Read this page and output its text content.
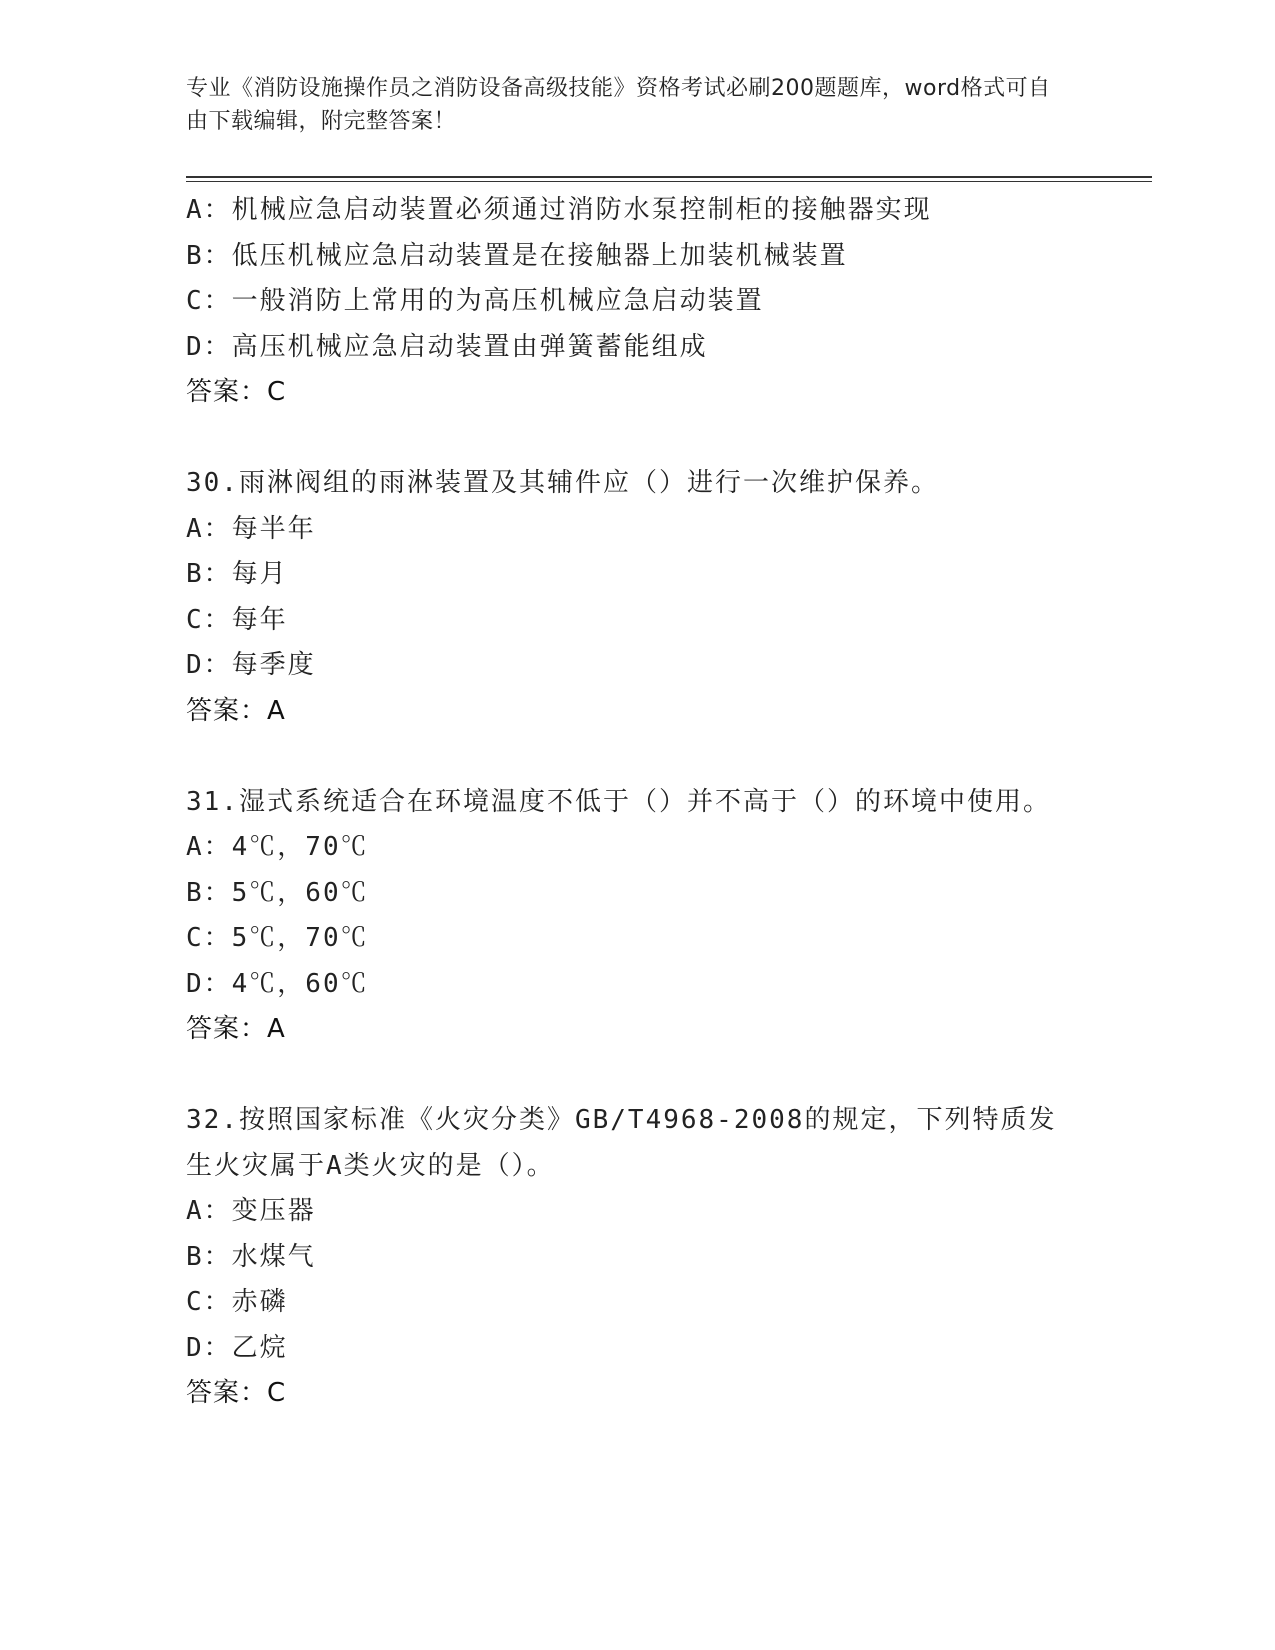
专业《消防设施操作员之消防设备高级技能》资格考试必刷200题题库，word格式可自由下载编辑，附完整答案！
A：机械应急启动装置必须通过消防水泵控制柜的接触器实现
B：低压机械应急启动装置是在接触器上加装机械装置
C：一般消防上常用的为高压机械应急启动装置
D：高压机械应急启动装置由弹簧蓄能组成
答案：C
30.雨淋阀组的雨淋装置及其辅件应（）进行一次维护保养。
A：每半年
B：每月
C：每年
D：每季度
答案：A
31.湿式系统适合在环境温度不低于（）并不高于（）的环境中使用。
A：4℃，70℃
B：5℃，60℃
C：5℃，70℃
D：4℃，60℃
答案：A
32.按照国家标准《火灾分类》GB/T4968-2008的规定，下列特质发生火灾属于A类火灾的是（）。
A：变压器
B：水煤气
C：赤磷
D：乙烷
答案：C
